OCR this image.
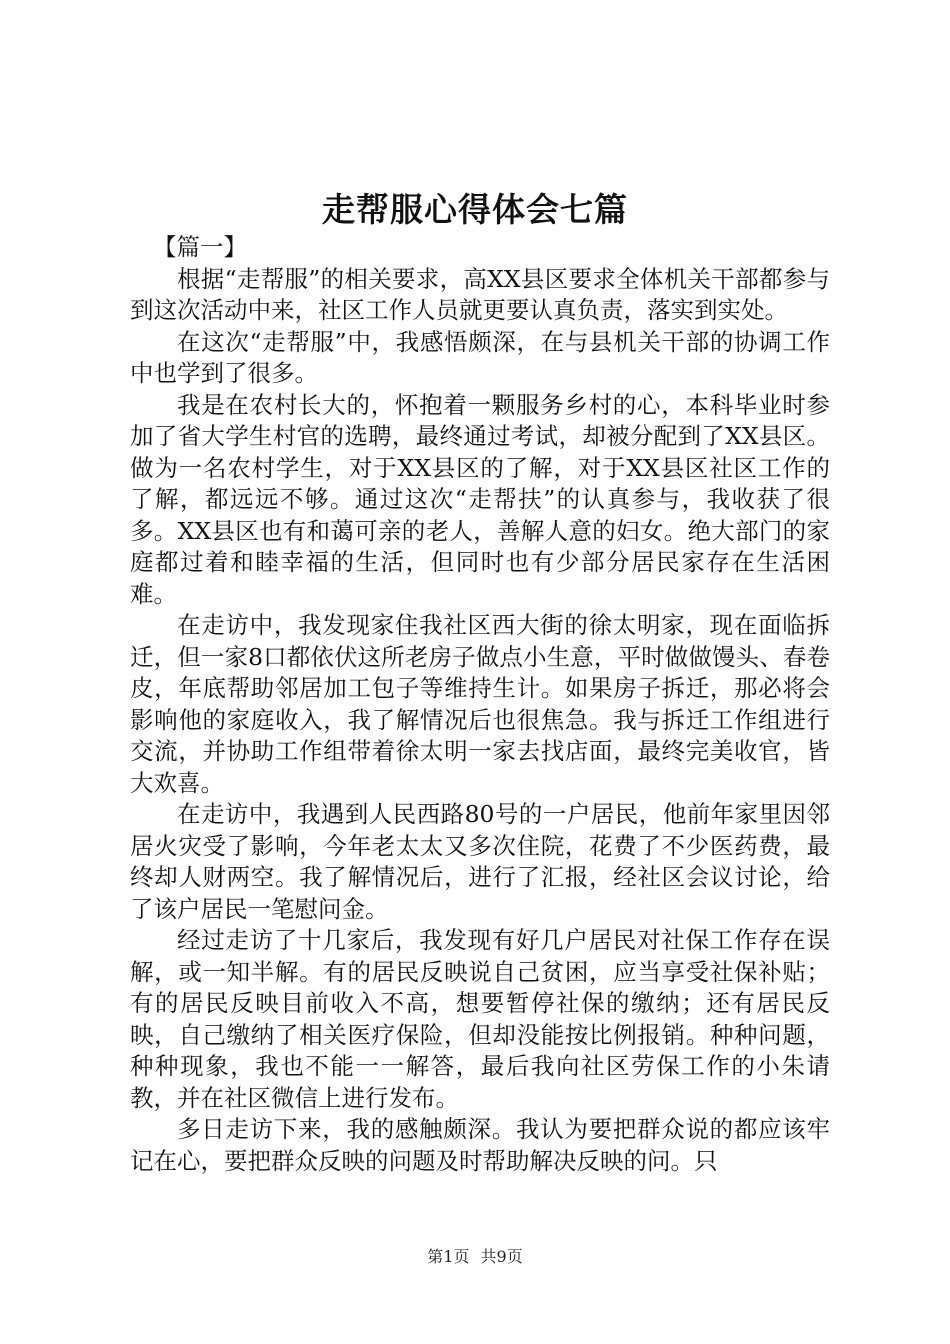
走帮服心得体会七篇

【篇一】

根据“走帮服”的相关要求，高XX县区要求全体机关干部都参与到这次活动中来，社区工作人员就更要认真负责，落实到实处。

在这次“走帮服”中，我感悟颇深，在与县机关干部的协调工作中也学到了很多。

我是在农村长大的，怀抱着一颗服务乡村的心，本科毕业时参加了省大学生村官的选聘，最终通过考试，却被分配到了XX县区。做为一名农村学生，对于XX县区的了解，对于XX县区社区工作的了解，都远远不够。通过这次“走帮扶”的认真参与，我收获了很多。XX县区也有和蔼可亲的老人，善解人意的妇女。绝大部门的家庭都过着和睦幸福的生活，但同时也有少部分居民家存在生活困难。

在走访中，我发现家住我社区西大街的徐太明家，现在面临拆迁，但一家8口都依伏这所老房子做点小生意，平时做做馒头、春卷皮，年底帮助邻居加工包子等维持生计。如果房子拆迁，那必将会影响他的家庭收入，我了解情况后也很焦急。我与拆迁工作组进行交流，并协助工作组带着徐太明一家去找店面，最终完美收官，皆大欢喜。

在走访中，我遇到人民西路80号的一户居民，他前年家里因邻居火灾受了影响，今年老太太又多次住院，花费了不少医药费，最终却人财两空。我了解情况后，进行了汇报，经社区会议讨论，给了该户居民一笔慰问金。

经过走访了十几家后，我发现有好几户居民对社保工作存在误解，或一知半解。有的居民反映说自己贫困，应当享受社保补贴；有的居民反映目前收入不高，想要暂停社保的缴纳；还有居民反映，自己缴纳了相关医疗保险，但却没能按比例报销。种种问题，种种现象，我也不能一一解答，最后我向社区劳保工作的小朱请教，并在社区微信上进行发布。

多日走访下来，我的感触颇深。我认为要把群众说的都应该牢记在心，要把群众反映的问题及时帮助解决反映的问。只

第1页 共9页
